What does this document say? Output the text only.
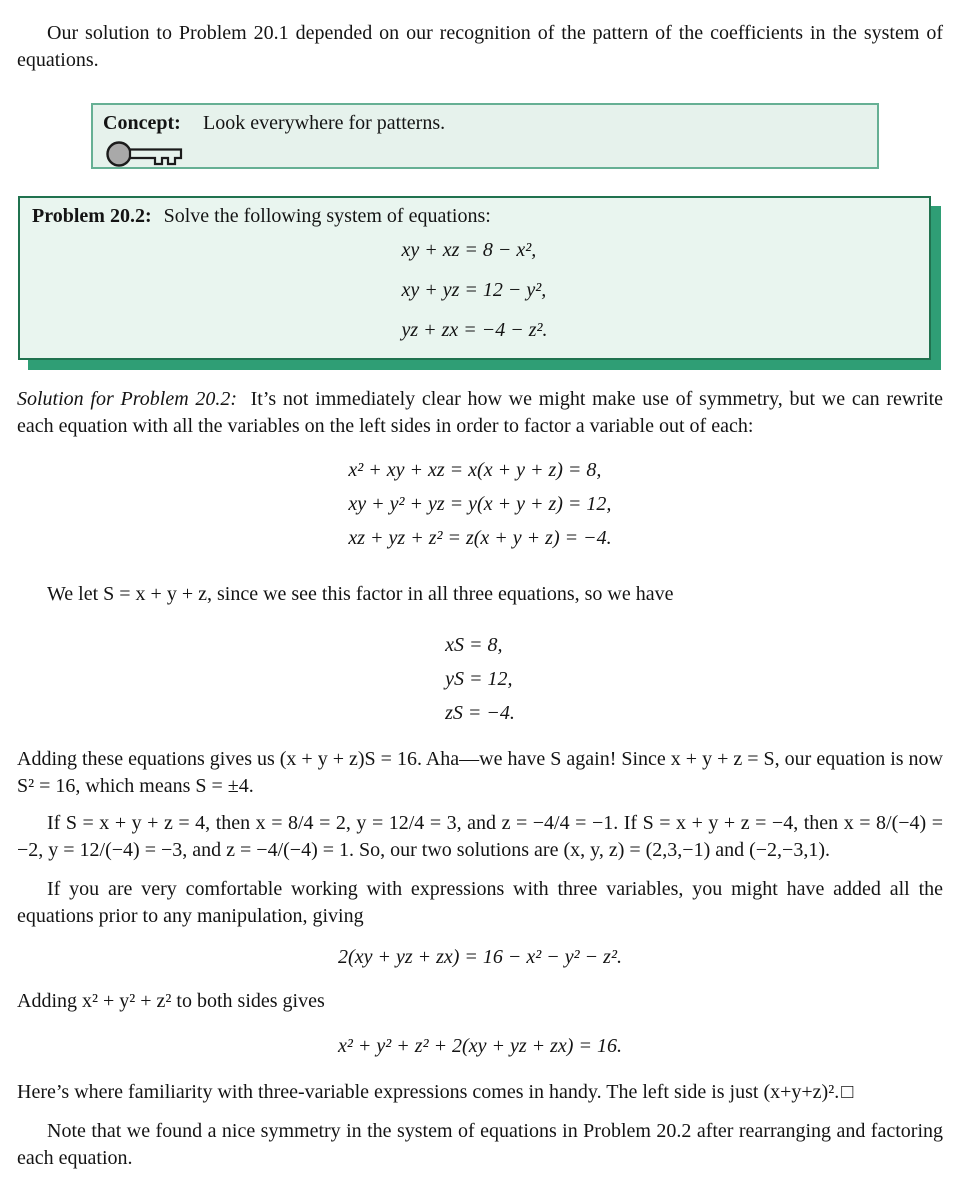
Our solution to Problem 20.1 depended on our recognition of the pattern of the coefficients in the system of equations.

Concept: Look everywhere for patterns.
Problem 20.2: Solve the following system of equations:
xy + xz = 8 − x²,
xy + yz = 12 − y²,
yz + zx = −4 − z².

Solution for Problem 20.2: It’s not immediately clear how we might make use of symmetry, but we can rewrite each equation with all the variables on the left sides in order to factor a variable out of each:

x² + xy + xz = x(x + y + z) = 8,
xy + y² + yz = y(x + y + z) = 12,
xz + yz + z² = z(x + y + z) = −4.

We let S = x + y + z, since we see this factor in all three equations, so we have

xS = 8,
yS = 12,
zS = −4.

Adding these equations gives us (x + y + z)S = 16. Aha—we have S again! Since x + y + z = S, our equation is now S² = 16, which means S = ±4.

If S = x + y + z = 4, then x = 8/4 = 2, y = 12/4 = 3, and z = −4/4 = −1. If S = x + y + z = −4, then x = 8/(−4) = −2, y = 12/(−4) = −3, and z = −4/(−4) = 1. So, our two solutions are (x, y, z) = (2,3,−1) and (−2,−3,1).

If you are very comfortable working with expressions with three variables, you might have added all the equations prior to any manipulation, giving

2(xy + yz + zx) = 16 − x² − y² − z².

Adding x² + y² + z² to both sides gives

x² + y² + z² + 2(xy + yz + zx) = 16.

Here’s where familiarity with three-variable expressions comes in handy. The left side is just (x+y+z)². □

Note that we found a nice symmetry in the system of equations in Problem 20.2 after rearranging and factoring each equation.
